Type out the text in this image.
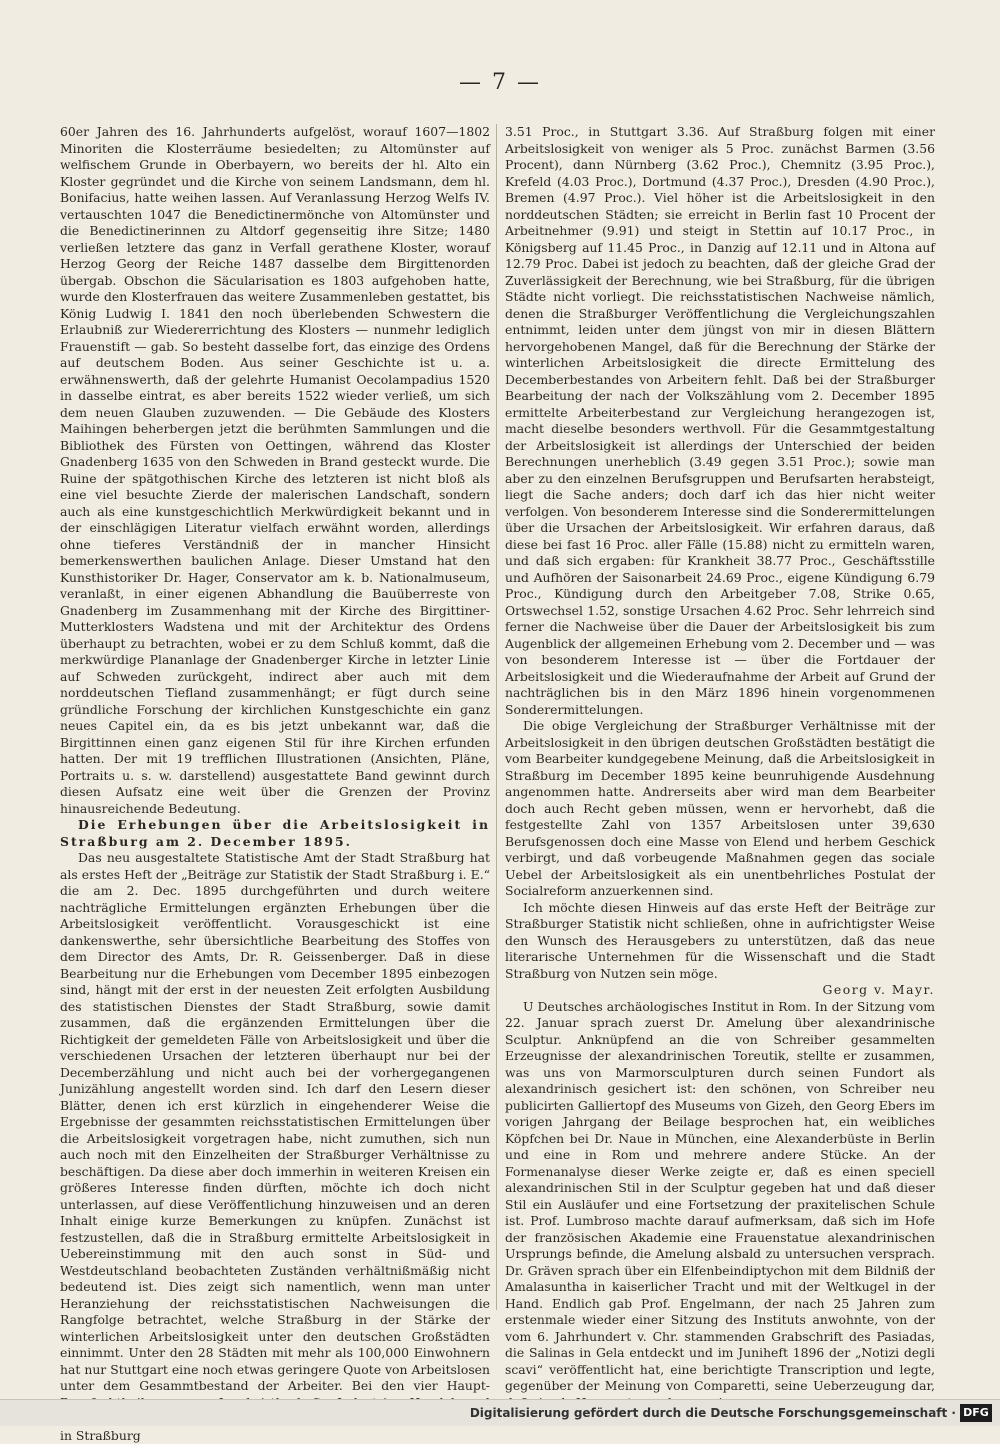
— 7 —

60er Jahren des 16. Jahrhunderts aufgelöst, worauf 1607—1802 Minoriten die Klosterräume besiedelten; zu Altomünster auf welfischem Grunde in Oberbayern, wo bereits der hl. Alto ein Kloster gegründet und die Kirche von seinem Landsmann, dem hl. Bonifacius, hatte weihen lassen. Auf Veranlassung Herzog Welfs IV. vertauschten 1047 die Benedictinermönche von Altomünster und die Benedictinerinnen zu Altdorf gegenseitig ihre Sitze; 1480 verließen letztere das ganz in Verfall gerathene Kloster, worauf Herzog Georg der Reiche 1487 dasselbe dem Birgittenorden übergab. Obschon die Säcularisation es 1803 aufgehoben hatte, wurde den Klosterfrauen das weitere Zusammenleben gestattet, bis König Ludwig I. 1841 den noch überlebenden Schwestern die Erlaubniß zur Wiedererrichtung des Klosters — nunmehr lediglich Frauenstift — gab. So besteht dasselbe fort, das einzige des Ordens auf deutschem Boden. Aus seiner Geschichte ist u. a. erwähnenswerth, daß der gelehrte Humanist Oecolampadius 1520 in dasselbe eintrat, es aber bereits 1522 wieder verließ, um sich dem neuen Glauben zuzuwenden. — Die Gebäude des Klosters Maihingen beherbergen jetzt die berühmten Sammlungen und die Bibliothek des Fürsten von Oettingen, während das Kloster Gnadenberg 1635 von den Schweden in Brand gesteckt wurde. Die Ruine der spätgothischen Kirche des letzteren ist nicht bloß als eine viel besuchte Zierde der malerischen Landschaft, sondern auch als eine kunstgeschichtlich Merkwürdigkeit bekannt und in der einschlägigen Literatur vielfach erwähnt worden, allerdings ohne tieferes Verständniß der in mancher Hinsicht bemerkenswerthen baulichen Anlage. Dieser Umstand hat den Kunsthistoriker Dr. Hager, Conservator am k. b. Nationalmuseum, veranlaßt, in einer eigenen Abhandlung die Bauüberreste von Gnadenberg im Zusammenhang mit der Kirche des Birgittiner-Mutterklosters Wadstena und mit der Architektur des Ordens überhaupt zu betrachten, wobei er zu dem Schluß kommt, daß die merkwürdige Plananlage der Gnadenberger Kirche in letzter Linie auf Schweden zurückgeht, indirect aber auch mit dem norddeutschen Tiefland zusammenhängt; er fügt durch seine gründliche Forschung der kirchlichen Kunstgeschichte ein ganz neues Capitel ein, da es bis jetzt unbekannt war, daß die Birgittinnen einen ganz eigenen Stil für ihre Kirchen erfunden hatten. Der mit 19 trefflichen Illustrationen (Ansichten, Pläne, Portraits u. s. w. darstellend) ausgestattete Band gewinnt durch diesen Aufsatz eine weit über die Grenzen der Provinz hinausreichende Bedeutung.

Die Erhebungen über die Arbeitslosigkeit in Straßburg am 2. December 1895.

Das neu ausgestaltete Statistische Amt der Stadt Straßburg hat als erstes Heft der „Beiträge zur Statistik der Stadt Straßburg i. E.“ die am 2. Dec. 1895 durchgeführten und durch weitere nachträgliche Ermittelungen ergänzten Erhebungen über die Arbeitslosigkeit veröffentlicht. Vorausgeschickt ist eine dankenswerthe, sehr übersichtliche Bearbeitung des Stoffes von dem Director des Amts, Dr. R. Geissenberger. Daß in diese Bearbeitung nur die Erhebungen vom December 1895 einbezogen sind, hängt mit der erst in der neuesten Zeit erfolgten Ausbildung des statistischen Dienstes der Stadt Straßburg, sowie damit zusammen, daß die ergänzenden Ermittelungen über die Richtigkeit der gemeldeten Fälle von Arbeitslosigkeit und über die verschiedenen Ursachen der letzteren überhaupt nur bei der Decemberzählung und nicht auch bei der vorhergegangenen Junizählung angestellt worden sind. Ich darf den Lesern dieser Blätter, denen ich erst kürzlich in eingehenderer Weise die Ergebnisse der gesammten reichsstatistischen Ermittelungen über die Arbeitslosigkeit vorgetragen habe, nicht zumuthen, sich nun auch noch mit den Einzelheiten der Straßburger Verhältnisse zu beschäftigen. Da diese aber doch immerhin in weiteren Kreisen ein größeres Interesse finden dürften, möchte ich doch nicht unterlassen, auf diese Veröffentlichung hinzuweisen und an deren Inhalt einige kurze Bemerkungen zu knüpfen. Zunächst ist festzustellen, daß die in Straßburg ermittelte Arbeitslosigkeit in Uebereinstimmung mit den auch sonst in Süd- und Westdeutschland beobachteten Zuständen verhältnißmäßig nicht bedeutend ist. Dies zeigt sich namentlich, wenn man unter Heranziehung der reichsstatistischen Nachweisungen die Rangfolge betrachtet, welche Straßburg in der Stärke der winterlichen Arbeitslosigkeit unter den deutschen Großstädten einnimmt. Unter den 28 Städten mit mehr als 100,000 Einwohnern hat nur Stuttgart eine noch etwas geringere Quote von Arbeitslosen unter dem Gesammtbestand der Arbeiter. Bei den vier Haupt- in Straßburg

3.51 Proc., in Stuttgart 3.36. Auf Straßburg folgen mit einer Arbeitslosigkeit von weniger als 5 Proc. zunächst Barmen (3.56 Procent), dann Nürnberg (3.62 Proc.), Chemnitz (3.95 Proc.), Krefeld (4.03 Proc.), Dortmund (4.37 Proc.), Dresden (4.90 Proc.), Bremen (4.97 Proc.). Viel höher ist die Arbeitslosigkeit in den norddeutschen Städten; sie erreicht in Berlin fast 10 Procent der Arbeitnehmer (9.91) und steigt in Stettin auf 10.17 Proc., in Königsberg auf 11.45 Proc., in Danzig auf 12.11 und in Altona auf 12.79 Proc. Dabei ist jedoch zu beachten, daß der gleiche Grad der Zuverlässigkeit der Berechnung, wie bei Straßburg, für die übrigen Städte nicht vorliegt. Die reichsstatistischen Nachweise nämlich, denen die Straßburger Veröffentlichung die Vergleichungszahlen entnimmt, leiden unter dem jüngst von mir in diesen Blättern hervorgehobenen Mangel, daß für die Berechnung der Stärke der winterlichen Arbeitslosigkeit die directe Ermittelung des Decemberbestandes von Arbeitern fehlt. Daß bei der Straßburger Bearbeitung der nach der Volkszählung vom 2. December 1895 ermittelte Arbeiterbestand zur Vergleichung herangezogen ist, macht dieselbe besonders werthvoll. Für die Gesammtgestaltung der Arbeitslosigkeit ist allerdings der Unterschied der beiden Berechnungen unerheblich (3.49 gegen 3.51 Proc.); sowie man aber zu den einzelnen Berufsgruppen und Berufsarten herabsteigt, liegt die Sache anders; doch darf ich das hier nicht weiter verfolgen. Von besonderem Interesse sind die Sonderermittelungen über die Ursachen der Arbeitslosigkeit. Wir erfahren daraus, daß diese bei fast 16 Proc. aller Fälle (15.88) nicht zu ermitteln waren, und daß sich ergaben: für Krankheit 38.77 Proc., Geschäftsstille und Aufhören der Saisonarbeit 24.69 Proc., eigene Kündigung 6.79 Proc., Kündigung durch den Arbeitgeber 7.08, Strike 0.65, Ortswechsel 1.52, sonstige Ursachen 4.62 Proc. Sehr lehrreich sind ferner die Nachweise über die Dauer der Arbeitslosigkeit bis zum Augenblick der allgemeinen Erhebung vom 2. December und — was von besonderem Interesse ist — über die Fortdauer der Arbeitslosigkeit und die Wiederaufnahme der Arbeit auf Grund der nachträglichen bis in den März 1896 hinein vorgenommenen Sonderermittelungen.

Die obige Vergleichung der Straßburger Verhältnisse mit der Arbeitslosigkeit in den übrigen deutschen Großstädten bestätigt die vom Bearbeiter kundgegebene Meinung, daß die Arbeitslosigkeit in Straßburg im December 1895 keine beunruhigende Ausdehnung angenommen hatte. Andrerseits aber wird man dem Bearbeiter doch auch Recht geben müssen, wenn er hervorhebt, daß die festgestellte Zahl von 1357 Arbeitslosen unter 39,630 Berufsgenossen doch eine Masse von Elend und herbem Geschick verbirgt, und daß vorbeugende Maßnahmen gegen das sociale Uebel der Arbeitslosigkeit als ein unentbehrliches Postulat der Socialreform anzuerkennen sind.

Ich möchte diesen Hinweis auf das erste Heft der Beiträge zur Straßburger Statistik nicht schließen, ohne in aufrichtigster Weise den Wunsch des Herausgebers zu unterstützen, daß das neue literarische Unternehmen für die Wissenschaft und die Stadt Straßburg von Nutzen sein möge.

Georg v. Mayr.

U Deutsches archäologisches Institut in Rom. In der Sitzung vom 22. Januar sprach zuerst Dr. Amelung über alexandrinische Sculptur. Anknüpfend an die von Schreiber gesammelten Erzeugnisse der alexandrinischen Toreutik, stellte er zusammen, was uns von Marmorsculpturen durch seinen Fundort als alexandrinisch gesichert ist: den schönen, von Schreiber neu publicirten Galliertopf des Museums von Gizeh, den Georg Ebers im vorigen Jahrgang der Beilage besprochen hat, ein weibliches Köpfchen bei Dr. Naue in München, eine Alexanderbüste in Berlin und eine in Rom und mehrere andere Stücke. An der Formenanalyse dieser Werke zeigte er, daß es einen speciell alexandrinischen Stil in der Sculptur gegeben hat und daß dieser Stil ein Ausläufer und eine Fortsetzung der praxitelischen Schule ist. Prof. Lumbroso machte darauf aufmerksam, daß sich im Hofe der französischen Akademie eine Frauenstatue alexandrinischen Ursprungs befinde, die Amelung alsbald zu untersuchen versprach. Dr. Gräven sprach über ein Elfenbeindiptychon mit dem Bildniß der Amalasuntha in kaiserlicher Tracht und mit der Weltkugel in der Hand. Endlich gab Prof. Engelmann, der nach 25 Jahren zum erstenmale wieder einer Sitzung des Instituts anwohnte, von der vom 6. Jahrhundert v. Chr. stammenden Grabschrift des Pasiadas, die Salinas in Gela entdeckt und im Juniheft 1896 der „Notizi degli scavi“ veröffentlicht hat, eine berichtigte Transcription und legte, gegenüber der Meinung von Comparetti, seine Ueberzeugung dar,

Digitalisierung gefördert durch die Deutsche Forschungsgemeinschaft · DFG
